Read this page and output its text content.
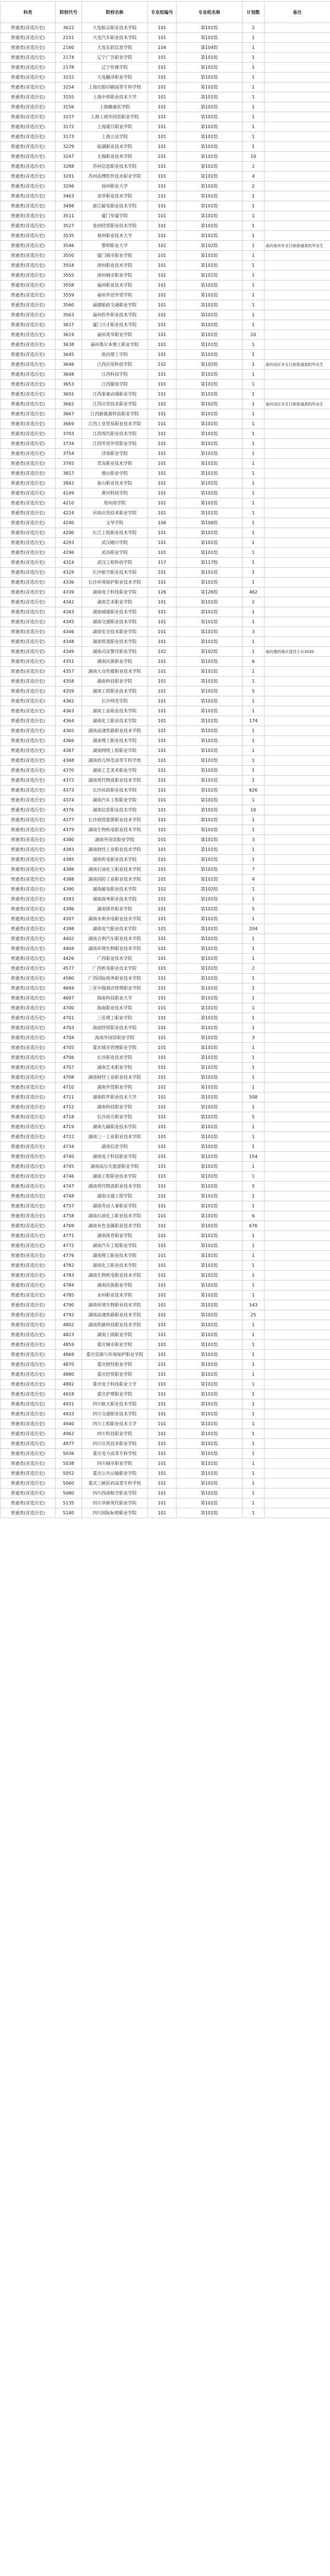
科类	院校代号	院校名称	专业组编号	专业组名称	计划数	备注
普通类(首选历史)	3622	大连航运职业技术学院	101	第101组	2	
普通类(首选历史)	2151	大连汽车职业技术学院	101	第101组	1	
普通类(首选历史)	2160	大连东软信息学院	104	第104组	1	
普通类(首选历史)	2174	辽宁广告职业学院	101	第101组	1	
普通类(首选历史)	2178	辽宁传媒学院	101	第101组	1	
普通类(首选历史)	3152	大连翻译职业学院	101	第101组	1	
普通类(首选历史)	3154	上海出版印刷高等专科学校	101	第101组	1	
普通类(首选历史)	3155	上海中侨职业技术大学	101	第101组	1	
普通类(首选历史)	3156	上海健康医学院	101	第101组	1	
普通类(首选历史)	3157	上海工商外国语职业学院	101	第101组	1	
普通类(首选历史)	3172	上海震旦职业学院	101	第101组	1	
普通类(首选历史)	3173	上海立达学院	101	第101组	1	
普通类(首选历史)	3229	硅湖职业技术学院	101	第101组	1	
普通类(首选历史)	3247	无锡职业技术学院	101	第101组	10	
普通类(首选历史)	3288	苏州信息职业技术学院	101	第101组	2	
普通类(首选历史)	3291	苏州高博软件技术职业学院	101	第101组	4	
普通类(首选历史)	3296	扬州职业大学	101	第101组	2	
普通类(首选历史)	3463	金华职业技术学院	101	第101组	1	
普通类(首选历史)	3498	浙江邮电职业技术学院	101	第101组	1	
普通类(首选历史)	3511	厦门华厦学院	101	第101组	1	
普通类(首选历史)	3527	泉州经贸职业技术学院	101	第101组	1	
普通类(首选历史)	3535	泉州职业技术大学	101	第101组	1	
普通类(首选历史)	3546	黎明职业大学	102	第102组	1	面向泉州市全日制普通高校毕业生
普通类(首选历史)	3550	厦门城市职业学院	101	第101组	1	
普通类(首选历史)	3554	漳州职业技术学院	101	第101组	1	
普通类(首选历史)	3555	漳州城市职业学院	101	第101组	1	
普通类(首选历史)	3558	福州职业技术学院	101	第101组	1	
普通类(首选历史)	3559	福州外语外贸学院	101	第101组	1	
普通类(首选历史)	3560	福建船政交通职业学院	101	第101组	1	
普通类(首选历史)	3563	福州软件职业技术学院	101	第101组	1	
普通类(首选历史)	3617	厦门兴才职业技术学院	101	第101组	1	
普通类(首选历史)	3619	福州英华职业学院	101	第101组	20	
普通类(首选历史)	3638	福州墨尔本理工职业学院	101	第101组	1	
普通类(首选历史)	3645	南昌理工学院	101	第101组	1	
普通类(首选历史)	3646	江西应用科技学院	102	第102组	1	面向设区市全日制普通高校毕业生
普通类(首选历史)	3648	江西科技学院	101	第101组	1	
普通类(首选历史)	3653	江西服装学院	101	第101组	1	
普通类(首选历史)	3655	江西泰豪动漫职业学院	101	第101组	1	
普通类(首选历史)	3662	江西应用技术职业学院	102	第102组	1	面向设区市全日制普通高校毕业生
普通类(首选历史)	3667	江西新能源科技职业学院	101	第101组	1	
普通类(首选历史)	3669	江西工业贸易职业技术学院	101	第101组	1	
普通类(首选历史)	3703	江西现代职业技术学院	101	第101组	1	
普通类(首选历史)	3734	江西外语外贸职业学院	101	第101组	1	
普通类(首选历史)	3754	济南职业学院	101	第101组	1	
普通类(首选历史)	3765	青岛职业技术学院	101	第101组	1	
普通类(首选历史)	3817	烟台职业学院	101	第101组	1	
普通类(首选历史)	3842	泰山职业技术学院	101	第101组	1	
普通类(首选历史)	4109	黄河科技学院	101	第101组	1	
普通类(首选历史)	4210	郑州商学院	101	第101组	1	
普通类(首选历史)	4224	河南应用技术职业学院	101	第101组	1	
普通类(首选历史)	4240	文华学院	106	第106组	1	
普通类(首选历史)	4290	长江工程职业技术学院	101	第101组	1	
普通类(首选历史)	4293	武汉晴川学院	101	第101组	1	
普通类(首选历史)	4296	武昌职业学院	101	第101组	1	
普通类(首选历史)	4314	武汉工程科技学院	117	第117组	1	
普通类(首选历史)	4329	长沙航空职业技术学院	101	第101组	1	
普通类(首选历史)	4336	长沙环境保护职业技术学院	101	第101组	1	
普通类(首选历史)	4339	湖南电子科技职业学院	126	第126组	462	
普通类(首选历史)	4342	湖南艺术职业学院	101	第101组	2	
普通类(首选历史)	4343	湖南城建职业技术学院	101	第101组	1	
普通类(首选历史)	4345	湖南交通职业技术学院	101	第101组	1	
普通类(首选历史)	4346	湖南安全技术职业学院	101	第101组	3	
普通类(首选历史)	4348	湖南铁道职业技术学院	101	第101组	1	
普通类(首选历史)	4349	湖南司法警官职业学院	102	第102组	1	面向湘西地区退役士兵3030
普通类(首选历史)	4351	湖南民族职业学院	101	第101组	6	
普通类(首选历史)	4357	湖南大众传媒职业技术学院	101	第101组	1	
普通类(首选历史)	4358	湖南科技职业学院	101	第101组	1	
普通类(首选历史)	4359	湖南工程职业技术学院	101	第101组	5	
普通类(首选历史)	4362	长沙师范学院	101	第101组	1	
普通类(首选历史)	4363	湖南工业职业技术学院	101	第101组	1	
普通类(首选历史)	4364	湖南化工职业技术学院	101	第101组	174	
普通类(首选历史)	4365	湖南高速铁路职业技术学院	101	第101组	1	
普通类(首选历史)	4366	湖南理工职业技术学院	101	第101组	1	
普通类(首选历史)	4367	湖南网络工程职业学院	101	第101组	1	
普通类(首选历史)	4368	湖南幼儿师范高等专科学校	101	第101组	1	
普通类(首选历史)	4370	湖南工艺美术职业学院	101	第101组	1	
普通类(首选历史)	4372	湖南现代物流职业技术学院	101	第101组	1	
普通类(首选历史)	4373	长沙民政职业技术学院	101	第101组	626	
普通类(首选历史)	4374	湖南汽车工程职业学院	101	第101组	1	
普通类(首选历史)	4376	湖南信息职业技术学院	101	第101组	10	
普通类(首选历史)	4377	长沙商贸旅游职业技术学院	101	第101组	1	
普通类(首选历史)	4379	湖南生物机电职业技术学院	101	第101组	1	
普通类(首选历史)	4380	湖南外国语职业学院	101	第101组	3	
普通类(首选历史)	4383	湖南财经工业职业技术学院	101	第101组	1	
普通类(首选历史)	4385	湖南机电职业技术学院	101	第101组	1	
普通类(首选历史)	4386	湖南石油化工职业技术学院	101	第101组	7	
普通类(首选历史)	4388	湖南国防工业职业技术学院	101	第101组	4	
普通类(首选历史)	4390	湖南邮电职业技术学院	102	第102组	1	
普通类(首选历史)	4393	湖南商务职业技术学院	101	第101组	1	
普通类(首选历史)	4396	湖南体育职业学院	101	第101组	5	
普通类(首选历史)	4397	湖南水利水电职业技术学院	101	第101组	1	
普通类(首选历史)	4398	湖南电气职业技术学院	101	第101组	204	
普通类(首选历史)	4402	湖南吉利汽车职业技术学院	101	第101组	1	
普通类(首选历史)	4404	湖南环境生物职业技术学院	101	第101组	1	
普通类(首选历史)	4426	广西职业技术学院	101	第101组	1	
普通类(首选历史)	4577	广西机电职业技术学院	101	第101组	2	
普通类(首选历史)	4580	广西国际商务职业技术学院	101	第101组	1	
普通类(首选历史)	4694	三亚中瑞酒店管理职业学院	101	第101组	1	
普通类(首选历史)	4697	海南科技职业大学	101	第101组	1	
普通类(首选历史)	4700	海南职业技术学院	101	第101组	1	
普通类(首选历史)	4701	三亚理工职业学院	101	第101组	1	
普通类(首选历史)	4703	海南经贸职业技术学院	101	第101组	1	
普通类(首选历史)	4704	海南外国语职业学院	101	第101组	3	
普通类(首选历史)	4705	重庆城市管理职业学院	101	第101组	1	
普通类(首选历史)	4706	长沙职业技术学院	101	第101组	1	
普通类(首选历史)	4707	湖南艺术职业学院	101	第101组	1	
普通类(首选历史)	4708	湖南财经工业职业技术学院	101	第101组	1	
普通类(首选历史)	4710	湖南外贸职业学院	101	第101组	1	
普通类(首选历史)	4711	湖南软件职业技术大学	101	第101组	508	
普通类(首选历史)	4712	湖南科技职业学院	101	第101组	1	
普通类(首选历史)	4718	长沙南方职业学院	101	第101组	5	
普通类(首选历史)	4719	湖南九嶷职业技术学院	101	第101组	1	
普通类(首选历史)	4722	湖南三一工业职业技术学院	101	第101组	1	
普通类(首选历史)	4734	湖南信息学院	101	第101组	1	
普通类(首选历史)	4740	湖南电子科技职业学院	101	第101组	154	
普通类(首选历史)	4745	湖南高尔夫旅游职业学院	101	第101组	1	
普通类(首选历史)	4746	湖南工程职业技术学院	101	第101组	1	
普通类(首选历史)	4747	湖南现代物流职业技术学院	101	第101组	5	
普通类(首选历史)	4748	湖南交通工程学院	101	第101组	1	
普通类(首选历史)	4757	湖南劳动人事职业学院	101	第101组	1	
普通类(首选历史)	4758	湖南石油化工职业技术学院	101	第101组	6	
普通类(首选历史)	4769	湖南有色金属职业技术学院	101	第101组	676	
普通类(首选历史)	4771	湖南体育职业学院	101	第101组	1	
普通类(首选历史)	4772	湖南汽车工程职业学院	101	第101组	1	
普通类(首选历史)	4776	湖南理工职业技术学院	101	第101组	1	
普通类(首选历史)	4782	湖南化工职业技术学院	101	第101组	1	
普通类(首选历史)	4783	湖南生物机电职业技术学院	101	第101组	1	
普通类(首选历史)	4784	湖南民族职业学院	101	第101组	1	
普通类(首选历史)	4785	永州职业技术学院	101	第101组	1	
普通类(首选历史)	4790	湖南环境生物职业技术学院	101	第101组	543	
普通类(首选历史)	4792	湖南高速铁路职业技术学院	101	第101组	25	
普通类(首选历史)	4802	湖南铁路科技职业技术学院	101	第101组	1	
普通类(首选历史)	4823	湖南工商职业学院	101	第101组	1	
普通类(首选历史)	4859	重庆城市职业学院	101	第101组	1	
普通类(首选历史)	4869	重庆资源与环境保护职业学院	101	第101组	1	
普通类(首选历史)	4870	重庆财经职业学院	101	第101组	1	
普通类(首选历史)	4880	重庆经贸职业学院	101	第101组	1	
普通类(首选历史)	4882	重庆电子科技职业大学	101	第101组	1	
普通类(首选历史)	4918	重庆护理职业学院	101	第101组	1	
普通类(首选历史)	4931	四川航天职业技术学院	101	第101组	1	
普通类(首选历史)	4933	四川交通职业技术学院	101	第101组	1	
普通类(首选历史)	4940	四川工程职业技术大学	101	第101组	1	
普通类(首选历史)	4962	四川科技职业学院	101	第101组	1	
普通类(首选历史)	4977	四川应用技术职业学院	101	第101组	1	
普通类(首选历史)	5036	重庆电力高等专科学校	101	第101组	1	
普通类(首选历史)	5038	四川城市职业学院	101	第101组	1	
普通类(首选历史)	5052	重庆公共运输职业学院	101	第101组	1	
普通类(首选历史)	5060	重庆三峡医药高等专科学校	101	第101组	1	
普通类(首选历史)	5080	四川西南航空职业学院	101	第101组	1	
普通类(首选历史)	5135	四川华新现代职业学院	101	第101组	1	
普通类(首选历史)	5140	四川国际标榜职业学院	101	第101组	1	
